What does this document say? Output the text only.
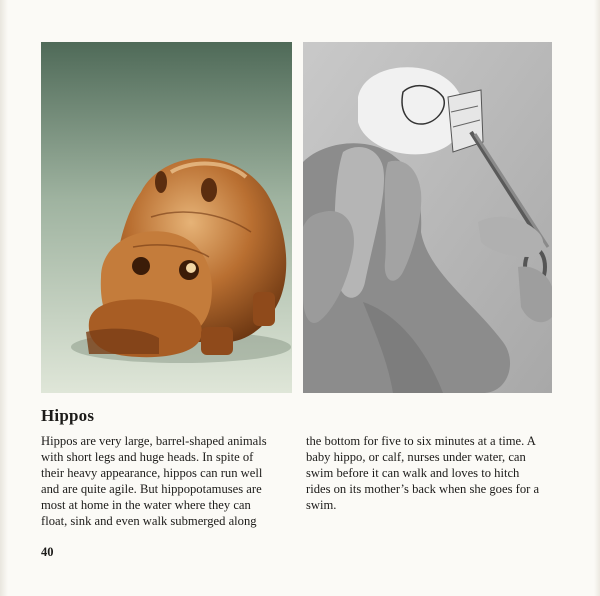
Hippos
Hippos are very large, barrel-shaped animals
with short legs and huge heads. In spite of
their heavy appearance, hippos can run well
and are quite agile. But hippopotamuses are
most at home in the water where they can
float, sink and even walk submerged along
the bottom for five to six minutes at a time. A
baby hippo, or calf, nurses under water, can
swim before it can walk and loves to hitch
rides on its mother’s back when she goes for a
swim.
40
